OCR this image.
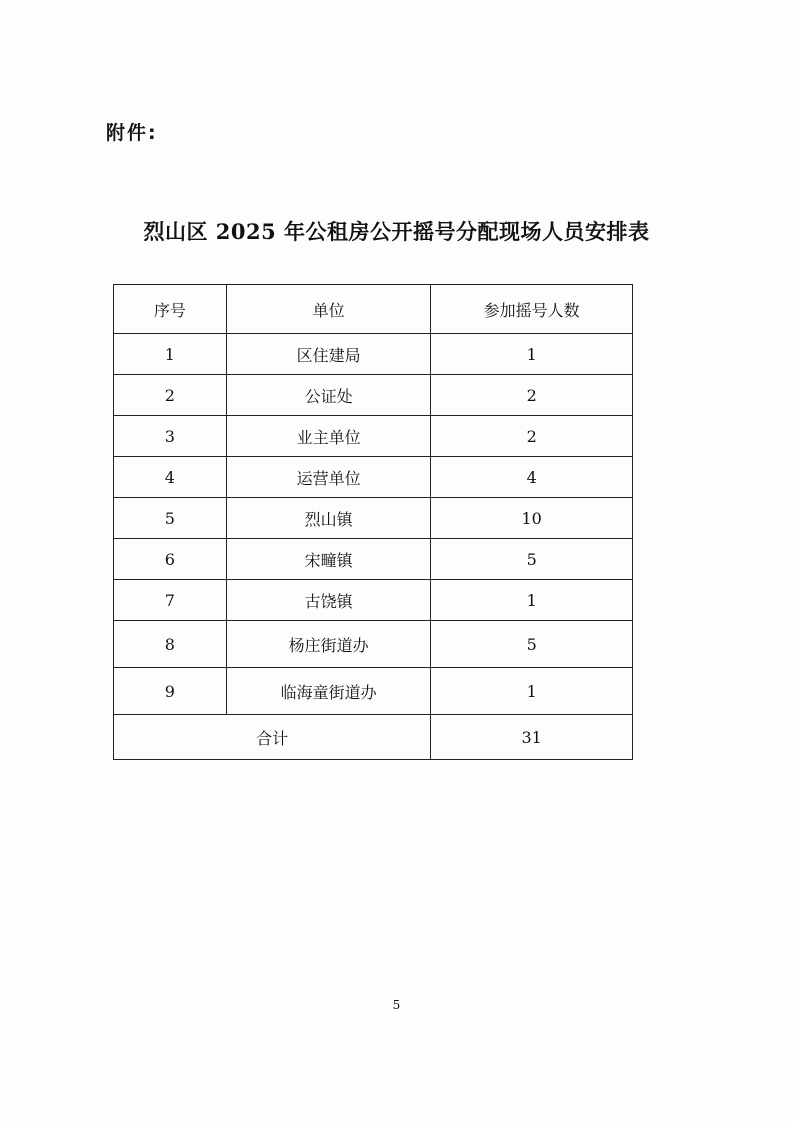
附件:
烈山区 2025 年公租房公开摇号分配现场人员安排表
序号	单位	参加摇号人数
1	区住建局	1
2	公证处	2
3	业主单位	2
4	运营单位	4
5	烈山镇	10
6	宋疃镇	5
7	古饶镇	1
8	杨庄街道办	5
9	临海童街道办	1
合计		31
5
